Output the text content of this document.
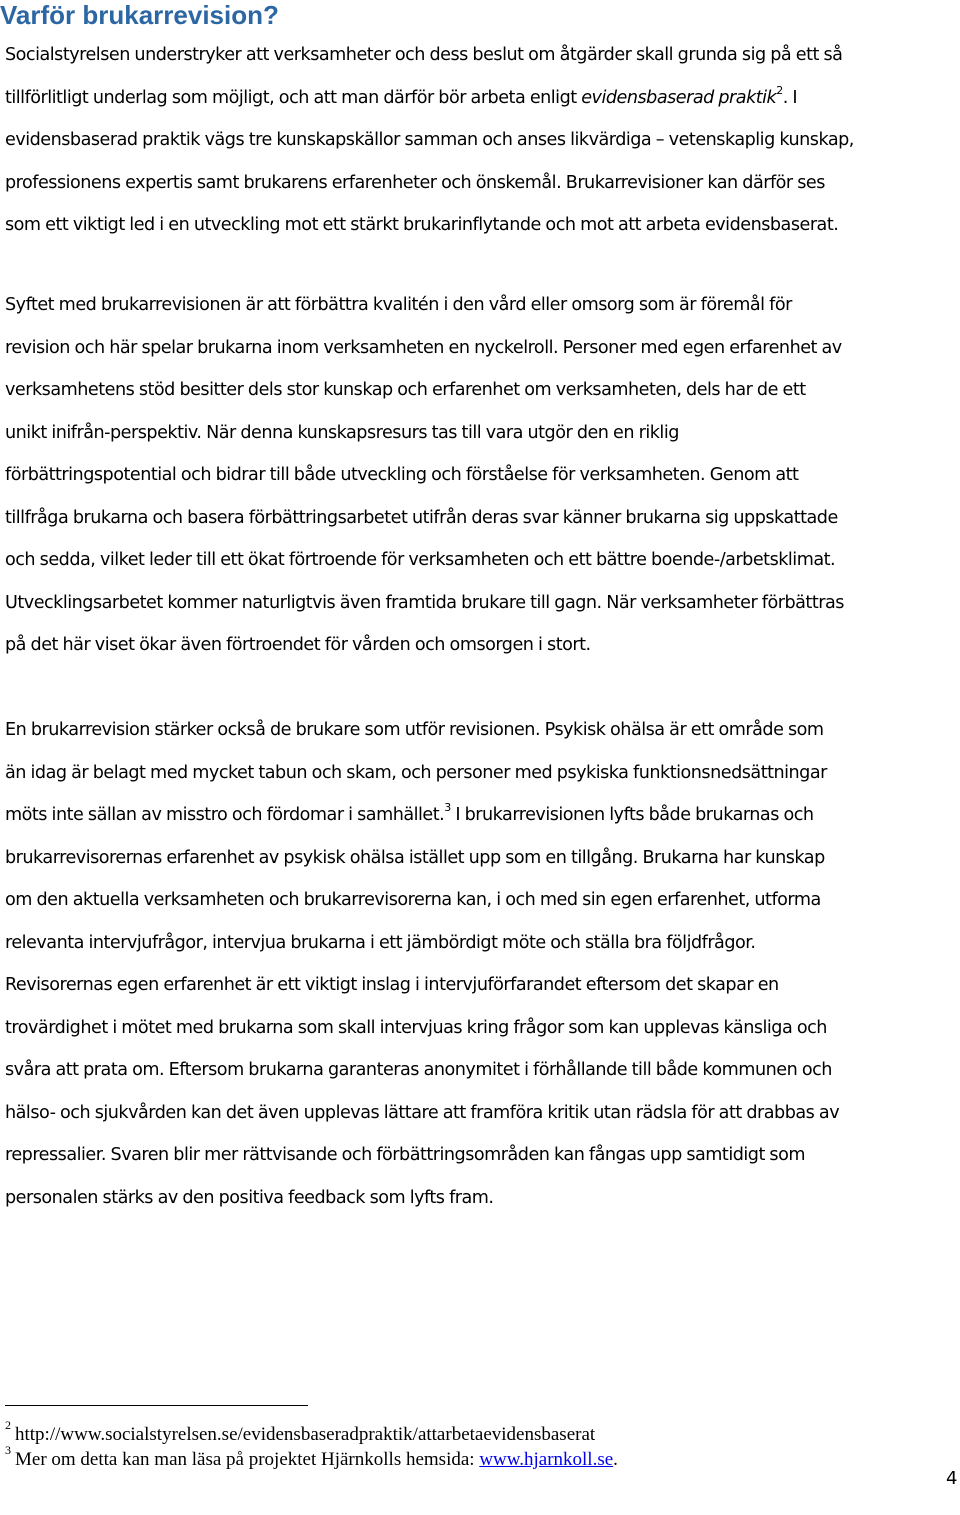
Varför brukarrevision?

Socialstyrelsen understryker att verksamheter och dess beslut om åtgärder skall grunda sig på ett så
tillförlitligt underlag som möjligt, och att man därför bör arbeta enligt evidensbaserad praktik$^2$. I
evidensbaserad praktik vägs tre kunskapskällor samman och anses likvärdiga – vetenskaplig kunskap,
professionens expertis samt brukarens erfarenheter och önskemål. Brukarrevisioner kan därför ses
som ett viktigt led i en utveckling mot ett stärkt brukarinflytande och mot att arbeta evidensbaserat.

Syftet med brukarrevisionen är att förbättra kvalitén i den vård eller omsorg som är föremål för
revision och här spelar brukarna inom verksamheten en nyckelroll. Personer med egen erfarenhet av
verksamhetens stöd besitter dels stor kunskap och erfarenhet om verksamheten, dels har de ett
unikt inifrån-perspektiv. När denna kunskapsresurs tas till vara utgör den en riklig
förbättringspotential och bidrar till både utveckling och förståelse för verksamheten. Genom att
tillfråga brukarna och basera förbättringsarbetet utifrån deras svar känner brukarna sig uppskattade
och sedda, vilket leder till ett ökat förtroende för verksamheten och ett bättre boende-/arbetsklimat.
Utvecklingsarbetet kommer naturligtvis även framtida brukare till gagn. När verksamheter förbättras
på det här viset ökar även förtroendet för vården och omsorgen i stort.

En brukarrevision stärker också de brukare som utför revisionen. Psykisk ohälsa är ett område som
än idag är belagt med mycket tabun och skam, och personer med psykiska funktionsnedsättningar
möts inte sällan av misstro och fördomar i samhället.$^3$ I brukarrevisionen lyfts både brukarnas och
brukarrevisorernas erfarenhet av psykisk ohälsa istället upp som en tillgång. Brukarna har kunskap
om den aktuella verksamheten och brukarrevisorerna kan, i och med sin egen erfarenhet, utforma
relevanta intervjufrågor, intervjua brukarna i ett jämbördigt möte och ställa bra följdfrågor.
Revisorernas egen erfarenhet är ett viktigt inslag i intervjuförfarandet eftersom det skapar en
trovärdighet i mötet med brukarna som skall intervjuas kring frågor som kan upplevas känsliga och
svåra att prata om. Eftersom brukarna garanteras anonymitet i förhållande till både kommunen och
hälso- och sjukvården kan det även upplevas lättare att framföra kritik utan rädsla för att drabbas av
repressalier. Svaren blir mer rättvisande och förbättringsområden kan fångas upp samtidigt som
personalen stärks av den positiva feedback som lyfts fram.

$^2$ http://www.socialstyrelsen.se/evidensbaseradpraktik/attarbetaevidensbaserat

$^3$ Mer om detta kan man läsa på projektet Hjärnkolls hemsida: www.hjarnkoll.se.

4
